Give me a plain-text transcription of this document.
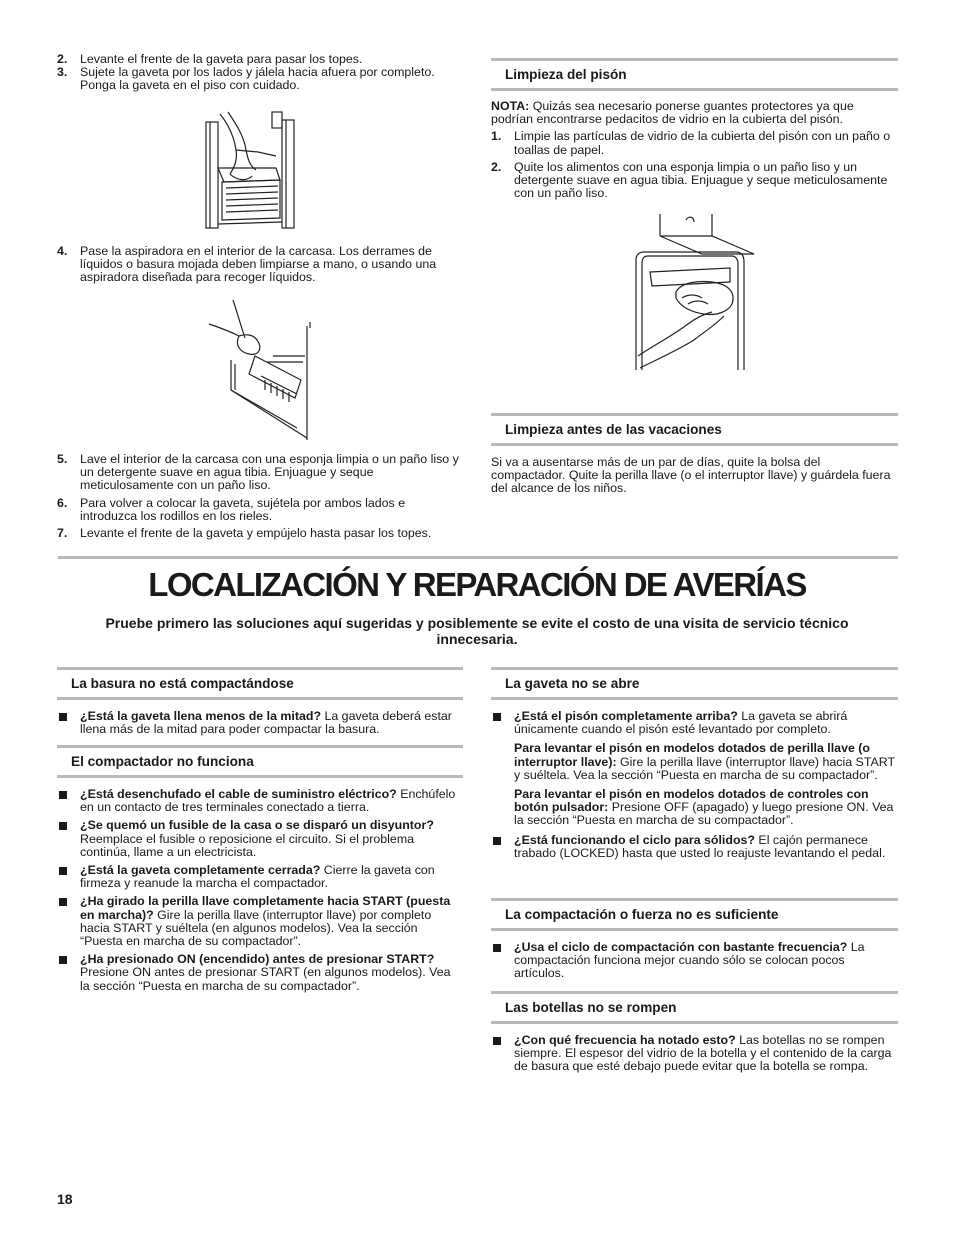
2. Levante el frente de la gaveta para pasar los topes.
3. Sujete la gaveta por los lados y jálela hacia afuera por completo. Ponga la gaveta en el piso con cuidado.
4. Pase la aspiradora en el interior de la carcasa. Los derrames de líquidos o basura mojada deben limpiarse a mano, o usando una aspiradora diseñada para recoger líquidos.
5. Lave el interior de la carcasa con una esponja limpia o un paño liso y un detergente suave en agua tibia. Enjuague y seque meticulosamente con un paño liso.
6. Para volver a colocar la gaveta, sujétela por ambos lados e introduzca los rodillos en los rieles.
7. Levante el frente de la gaveta y empújelo hasta pasar los topes.
Limpieza del pisón
NOTA: Quizás sea necesario ponerse guantes protectores ya que podrían encontrarse pedacitos de vidrio en la cubierta del pisón.
1. Limpie las partículas de vidrio de la cubierta del pisón con un paño o toallas de papel.
2. Quite los alimentos con una esponja limpia o un paño liso y un detergente suave en agua tibia. Enjuague y seque meticulosamente con un paño liso.
Limpieza antes de las vacaciones
Si va a ausentarse más de un par de días, quite la bolsa del compactador. Quite la perilla llave (o el interruptor llave) y guárdela fuera del alcance de los niños.
LOCALIZACIÓN Y REPARACIÓN DE AVERÍAS
Pruebe primero las soluciones aquí sugeridas y posiblemente se evite el costo de una visita de servicio técnico innecesaria.
La basura no está compactándose
¿Está la gaveta llena menos de la mitad? La gaveta deberá estar llena más de la mitad para poder compactar la basura.
El compactador no funciona
¿Está desenchufado el cable de suministro eléctrico? Enchúfelo en un contacto de tres terminales conectado a tierra.
¿Se quemó un fusible de la casa o se disparó un disyuntor? Reemplace el fusible o reposicione el circuito. Si el problema continúa, llame a un electricista.
¿Está la gaveta completamente cerrada? Cierre la gaveta con firmeza y reanude la marcha el compactador.
¿Ha girado la perilla llave completamente hacia START (puesta en marcha)? Gire la perilla llave (interruptor llave) por completo hacia START y suéltela (en algunos modelos). Vea la sección “Puesta en marcha de su compactador”.
¿Ha presionado ON (encendido) antes de presionar START? Presione ON antes de presionar START (en algunos modelos). Vea la sección “Puesta en marcha de su compactador”.
La gaveta no se abre
¿Está el pisón completamente arriba? La gaveta se abrirá únicamente cuando el pisón esté levantado por completo.
Para levantar el pisón en modelos dotados de perilla llave (o interruptor llave): Gire la perilla llave (interruptor llave) hacia START y suéltela. Vea la sección “Puesta en marcha de su compactador”.
Para levantar el pisón en modelos dotados de controles con botón pulsador: Presione OFF (apagado) y luego presione ON. Vea la sección “Puesta en marcha de su compactador”.
¿Está funcionando el ciclo para sólidos? El cajón permanece trabado (LOCKED) hasta que usted lo reajuste levantando el pedal.
La compactación o fuerza no es suficiente
¿Usa el ciclo de compactación con bastante frecuencia? La compactación funciona mejor cuando sólo se colocan pocos artículos.
Las botellas no se rompen
¿Con qué frecuencia ha notado esto? Las botellas no se rompen siempre. El espesor del vidrio de la botella y el contenido de la carga de basura que esté debajo puede evitar que la botella se rompa.
18
